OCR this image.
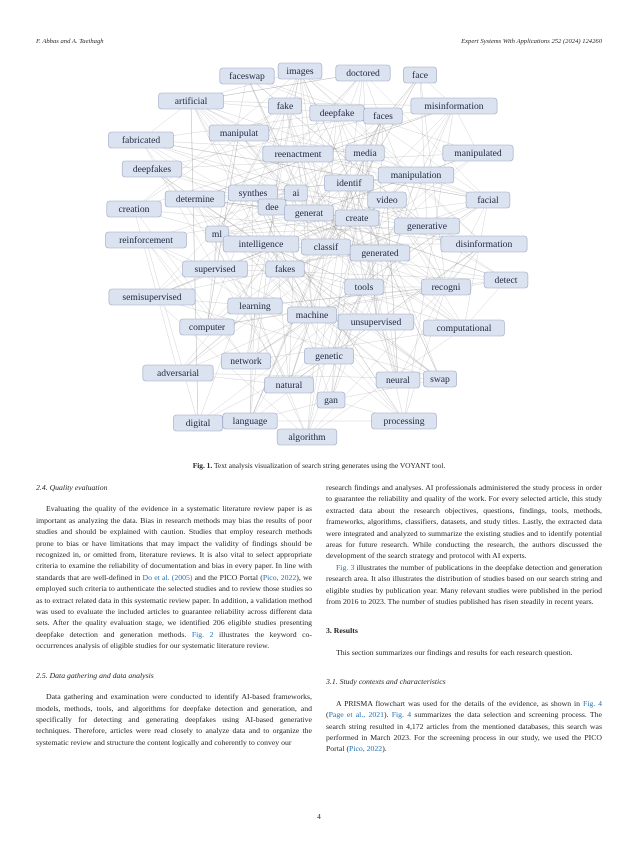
F. Abbas and A. Taeihagh	Expert Systems With Applications 252 (2024) 124260
faceswap images	doctored	face
artificial	fake
deepfake faces
misinformation
fabricated
manipulat
reenactment	media	manipulated
deepfakes
identif
manipulation
synthes	ai
determine
dee
video	facial
creation	generat create
generative
ml
reinforcement	intelligence	classif
generated
disinformation
supervised	fakes
tools	recogni
detect
semisupervised
learning
machine
computer	unsupervised
computational
genetic
network
adversarial
neural swap
natural
gan
digital language	processing
algorithm
Fig. 1. Text analysis visualization of search string generates using the VOYANT tool.
2.4. Quality evaluation

Evaluating the quality of the evidence in a systematic literature review paper is as important as analyzing the data. Bias in research methods may bias the results of poor studies and should be explained with caution. Studies that employ research methods prone to bias or have limitations that may impact the validity of findings should be recognized in, or omitted from, literature reviews. It is also vital to select appropriate criteria to examine the reliability of documentation and bias in every paper. In line with standards that are well-defined in Do et al. (2005) and the PICO Portal (Pico, 2022), we employed such criteria to authenticate the selected studies and to review those studies so as to extract related data in this systematic review paper. In addition, a validation method was used to evaluate the included articles to guarantee reliability across different data sets. After the quality evaluation stage, we identified 206 eligible studies presenting deepfake detection and generation methods. Fig. 2 illustrates the keyword co-occurrences analysis of eligible studies for our systematic literature review.

2.5. Data gathering and data analysis

Data gathering and examination were conducted to identify AI-based frameworks, models, methods, tools, and algorithms for deepfake detection and generation, and specifically for detecting and generating deepfakes using AI-based generative techniques. Therefore, articles were read closely to analyze data and to organize the systematic review and structure the content logically and coherently to convey our

research findings and analyses. AI professionals administered the study process in order to guarantee the reliability and quality of the work. For every selected article, this study extracted data about the research objectives, questions, findings, tools, methods, frameworks, algorithms, classifiers, datasets, and study titles. Lastly, the extracted data were integrated and analyzed to summarize the existing studies and to identify potential areas for future research. While conducting the research, the authors discussed the development of the search strategy and protocol with AI experts.

Fig. 3 illustrates the number of publications in the deepfake detection and generation research area. It also illustrates the distribution of studies based on our search string and eligible studies by publication year. Many relevant studies were published in the period from 2016 to 2023. The number of studies published has risen steadily in recent years.

3. Results

This section summarizes our findings and results for each research question.

3.1. Study contexts and characteristics

A PRISMA flowchart was used for the details of the evidence, as shown in Fig. 4 (Page et al., 2021). Fig. 4 summarizes the data selection and screening process. The search string resulted in 4,172 articles from the mentioned databases, this search was performed in March 2023. For the screening process in our study, we used the PICO Portal (Pico, 2022).

4
